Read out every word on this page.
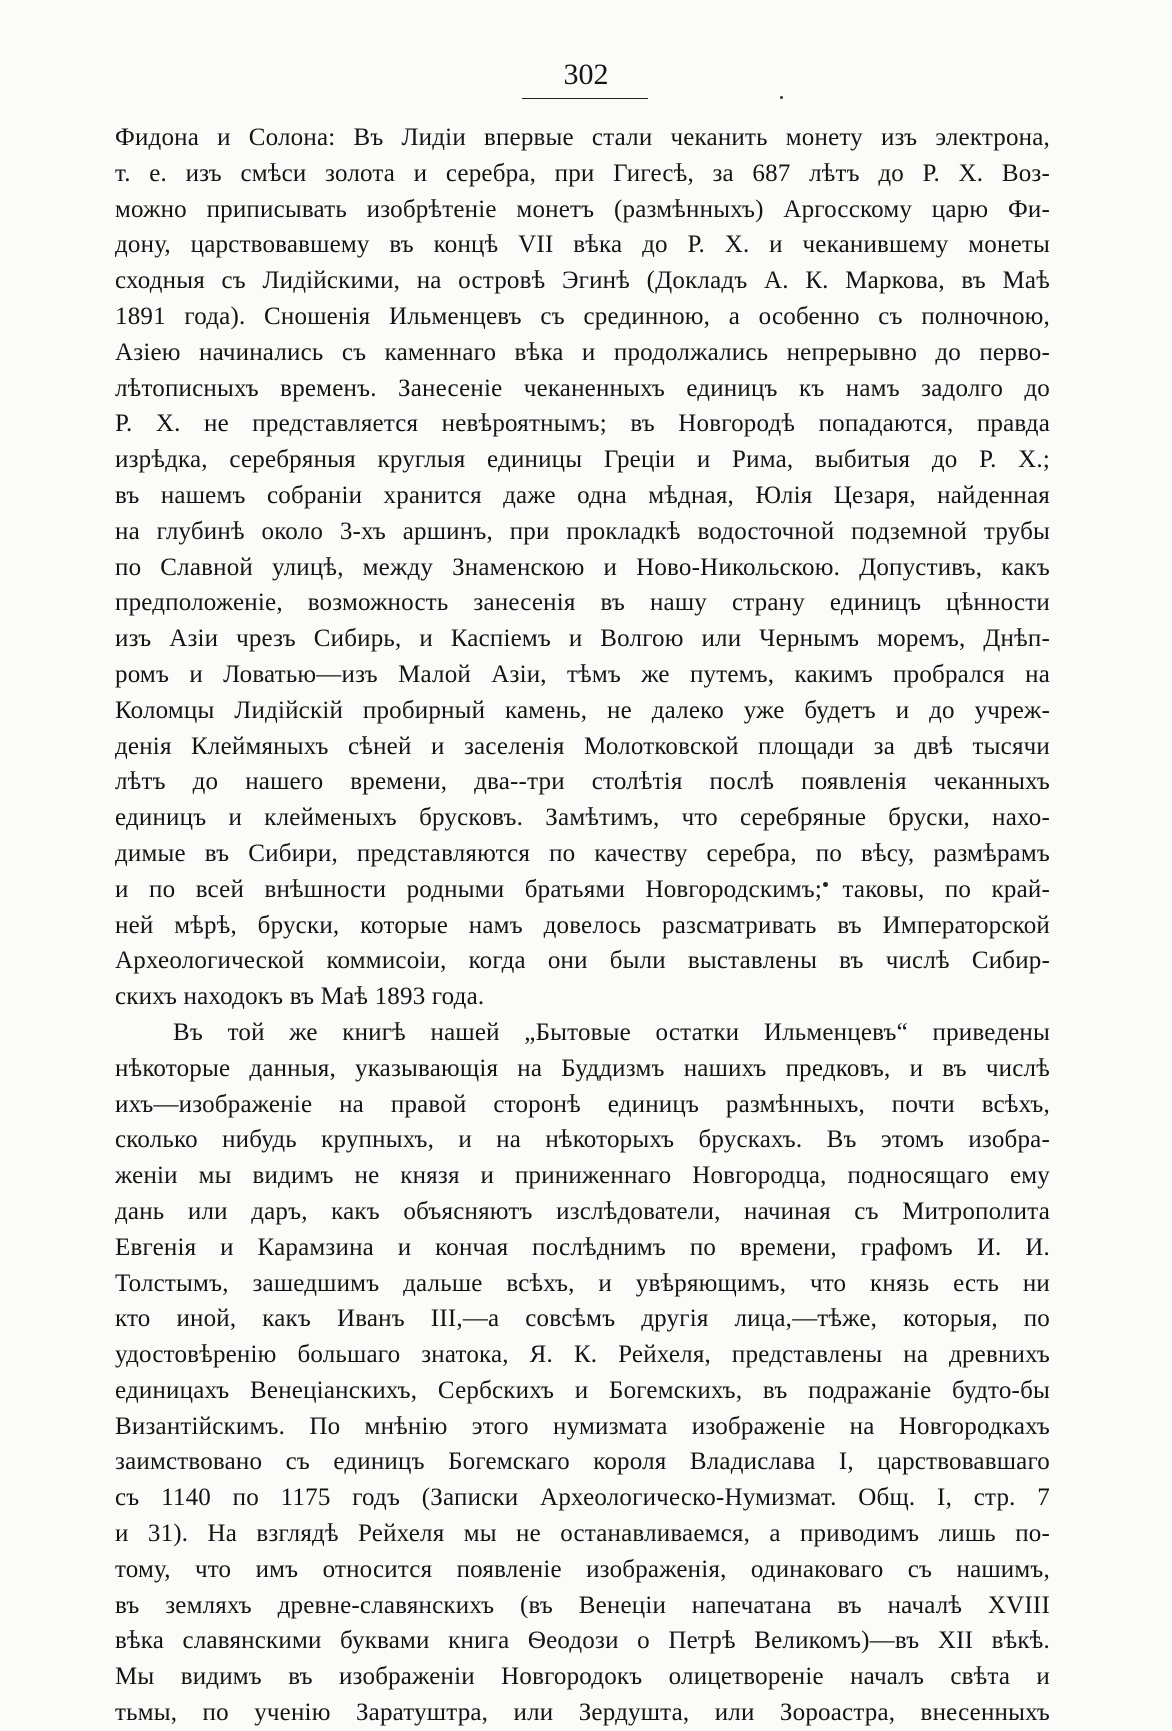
302
Фидона и Солона: Въ Лидіи впервые стали чеканить монету изъ электрона,
т. е. изъ смѣси золота и серебра, при Гигесѣ, за 687 лѣтъ до Р. Х. Воз-
можно приписывать изобрѣтеніе монетъ (размѣнныхъ) Аргосскому царю Фи-
дону, царствовавшему въ концѣ VII вѣка до Р. Х. и чеканившему монеты
сходныя съ Лидійскими, на островѣ Эгинѣ (Докладъ А. К. Маркова, въ Маѣ
1891 года). Сношенія Ильменцевъ съ срединною, а особенно съ полночною,
Азіею начинались съ каменнаго вѣка и продолжались непрерывно до перво-
лѣтописныхъ временъ. Занесеніе чеканенныхъ единицъ къ намъ задолго до
Р. Х. не представляется невѣроятнымъ; въ Новгородѣ попадаются, правда
изрѣдка, серебряныя круглыя единицы Греціи и Рима, выбитыя до Р. Х.;
въ нашемъ собраніи хранится даже одна мѣдная, Юлія Цезаря, найденная
на глубинѣ около 3-хъ аршинъ, при прокладкѣ водосточной подземной трубы
по Славной улицѣ, между Знаменскою и Ново-Никольскою. Допустивъ, какъ
предположеніе, возможность занесенія въ нашу страну единицъ цѣнности
изъ Азіи чрезъ Сибирь, и Каспіемъ и Волгою или Чернымъ моремъ, Днѣп-
ромъ и Ловатью—изъ Малой Азіи, тѣмъ же путемъ, какимъ пробрался на
Коломцы Лидійскій пробирный камень, не далеко уже будетъ и до учреж-
денія Клеймяныхъ сѣней и заселенія Молотковской площади за двѣ тысячи
лѣтъ до нашего времени, два--три столѣтія послѣ появленія чеканныхъ
единицъ и клейменыхъ брусковъ. Замѣтимъ, что серебряные бруски, нахо-
димые въ Сибири, представляются по качеству серебра, по вѣсу, размѣрамъ
и по всей внѣшности родными братьями Новгородскимъ; таковы, по край-
ней мѣрѣ, бруски, которые намъ довелось разсматривать въ Императорской
Археологической коммисоіи, когда они были выставлены въ числѣ Сибир-
скихъ находокъ въ Маѣ 1893 года.
Въ той же книгѣ нашей „Бытовые остатки Ильменцевъ“ приведены
нѣкоторые данныя, указывающія на Буддизмъ нашихъ предковъ, и въ числѣ
ихъ—изображеніе на правой сторонѣ единицъ размѣнныхъ, почти всѣхъ,
сколько нибудь крупныхъ, и на нѣкоторыхъ брускахъ. Въ этомъ изобра-
женіи мы видимъ не князя и приниженнаго Новгородца, подносящаго ему
дань или даръ, какъ объясняютъ изслѣдователи, начиная съ Митрополита
Евгенія и Карамзина и кончая послѣднимъ по времени, графомъ И. И.
Толстымъ, зашедшимъ дальше всѣхъ, и увѣряющимъ, что князь есть ни
кто иной, какъ Иванъ III,—а совсѣмъ другія лица,—тѣже, которыя, по
удостовѣренію большаго знатока, Я. К. Рейхеля, представлены на древнихъ
единицахъ Венеціанскихъ, Сербскихъ и Богемскихъ, въ подражаніе будто-бы
Византійскимъ. По мнѣнію этого нумизмата изображеніе на Новгородкахъ
заимствовано съ единицъ Богемскаго короля Владислава I, царствовавшаго
съ 1140 по 1175 годъ (Записки Археологическо-Нумизмат. Общ. I, стр. 7
и 31). На взглядѣ Рейхеля мы не останавливаемся, а приводимъ лишь по-
тому, что имъ относится появленіе изображенія, одинаковаго съ нашимъ,
въ земляхъ древне-славянскихъ (въ Венеціи напечатана въ началѣ XVIII
вѣка славянскими буквами книга Ѳеодози о Петрѣ Великомъ)—въ XII вѣкѣ.
Мы видимъ въ изображеніи Новгородокъ олицетвореніе началъ свѣта и
тьмы, по ученію Заратуштра, или Зердушта, или Зороастра, внесенныхъ
